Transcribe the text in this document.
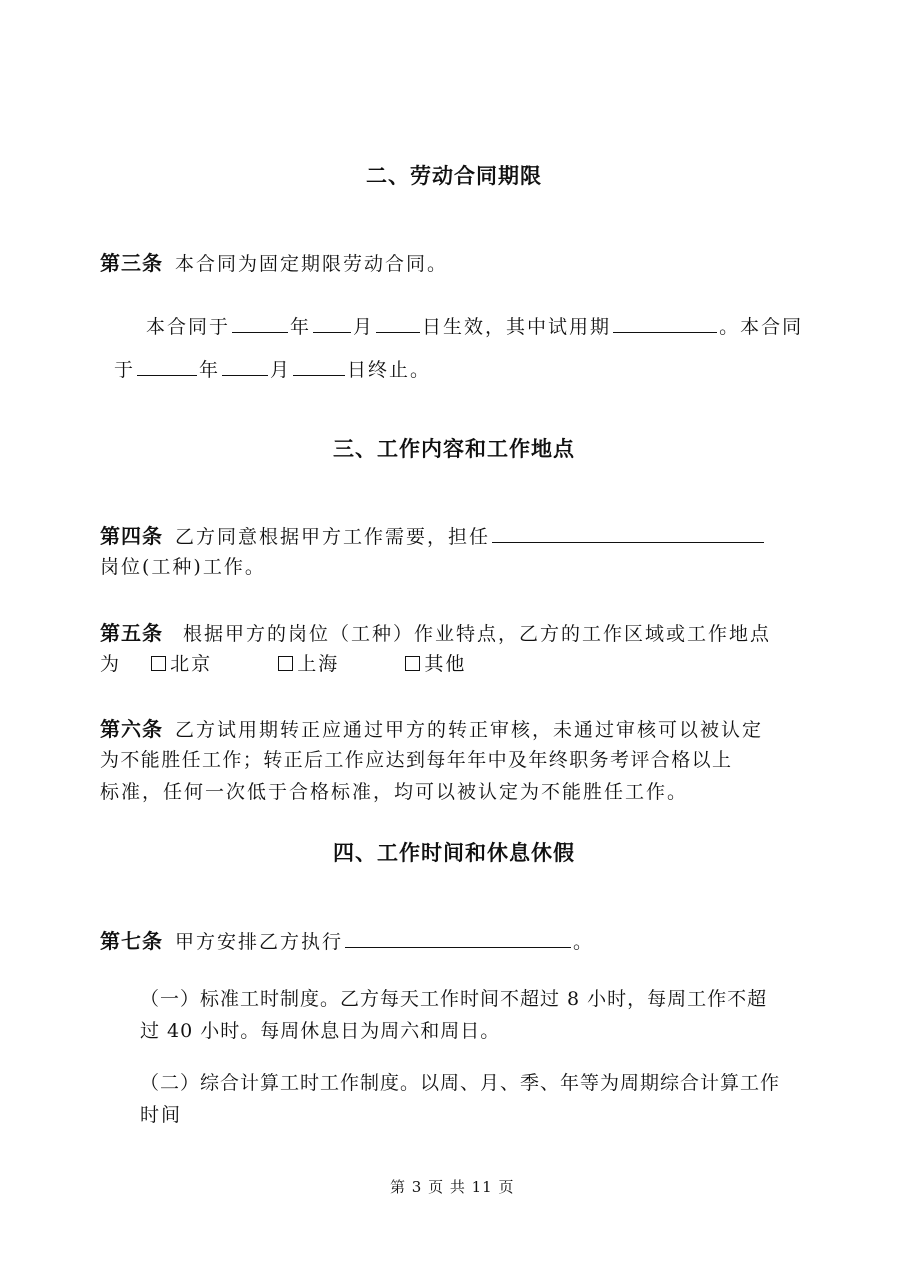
二、劳动合同期限
第三条 本合同为固定期限劳动合同。
本合同于	年 月	日生效，其中试用期	。本合同
于	年	月	日终止。
三、工作内容和工作地点
第四条 乙方同意根据甲方工作需要，担任
岗位(工种)工作。
第五条 根据甲方的岗位（工种）作业特点，乙方的工作区域或工作地点
为	北京	上海	其他
第六条 乙方试用期转正应通过甲方的转正审核，未通过审核可以被认定
为不能胜任工作；转正后工作应达到每年年中及年终职务考评合格以上
标准，任何一次低于合格标准，均可以被认定为不能胜任工作。
四、工作时间和休息休假
第七条 甲方安排乙方执行	。
（一）标准工时制度。乙方每天工作时间不超过 8 小时，每周工作不超
过 40 小时。每周休息日为周六和周日。
（二）综合计算工时工作制度。以周、月、季、年等为周期综合计算工作
时间
第 3 页 共 11 页
